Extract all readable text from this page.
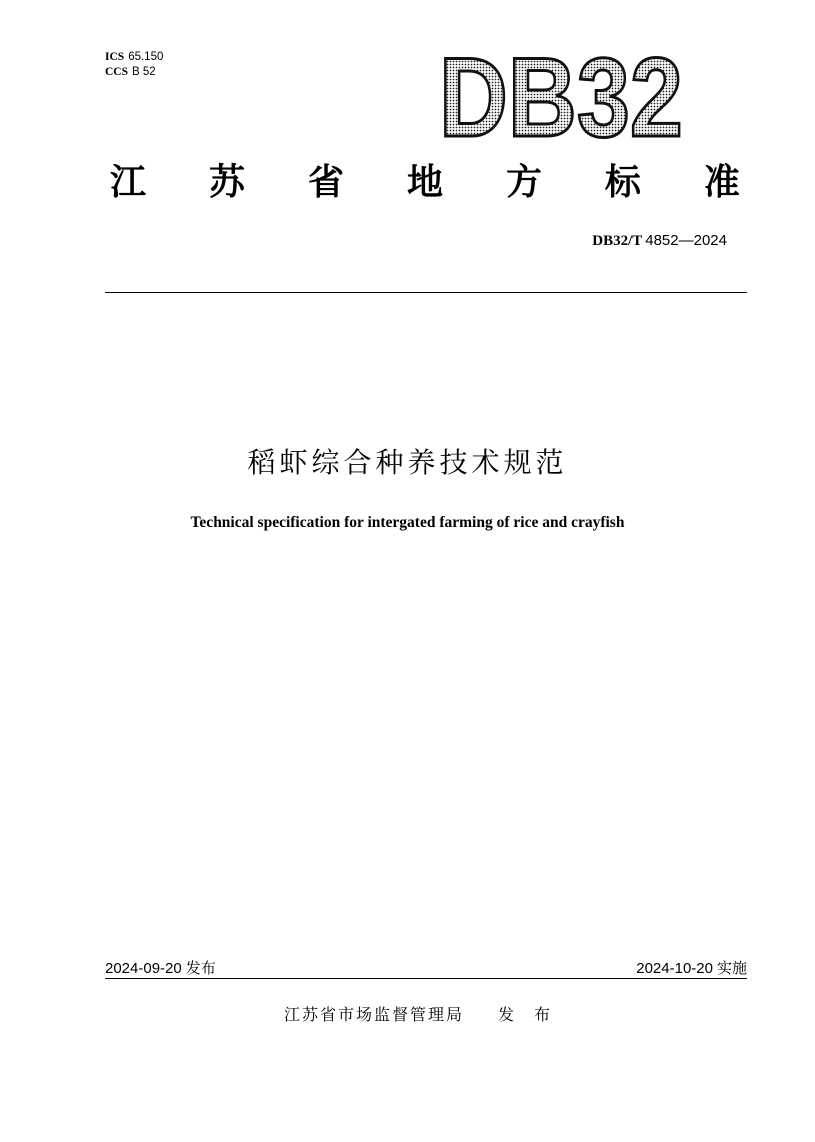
ICS 65.150
CCS B 52	DB32
江 苏 省 地 方 标 准
DB32/T 4852—2024
稻虾综合种养技术规范
Technical specification for intergated farming of rice and crayfish
2024-09-20 发布	2024-10-20 实施
江苏省市场监督管理局 发布
